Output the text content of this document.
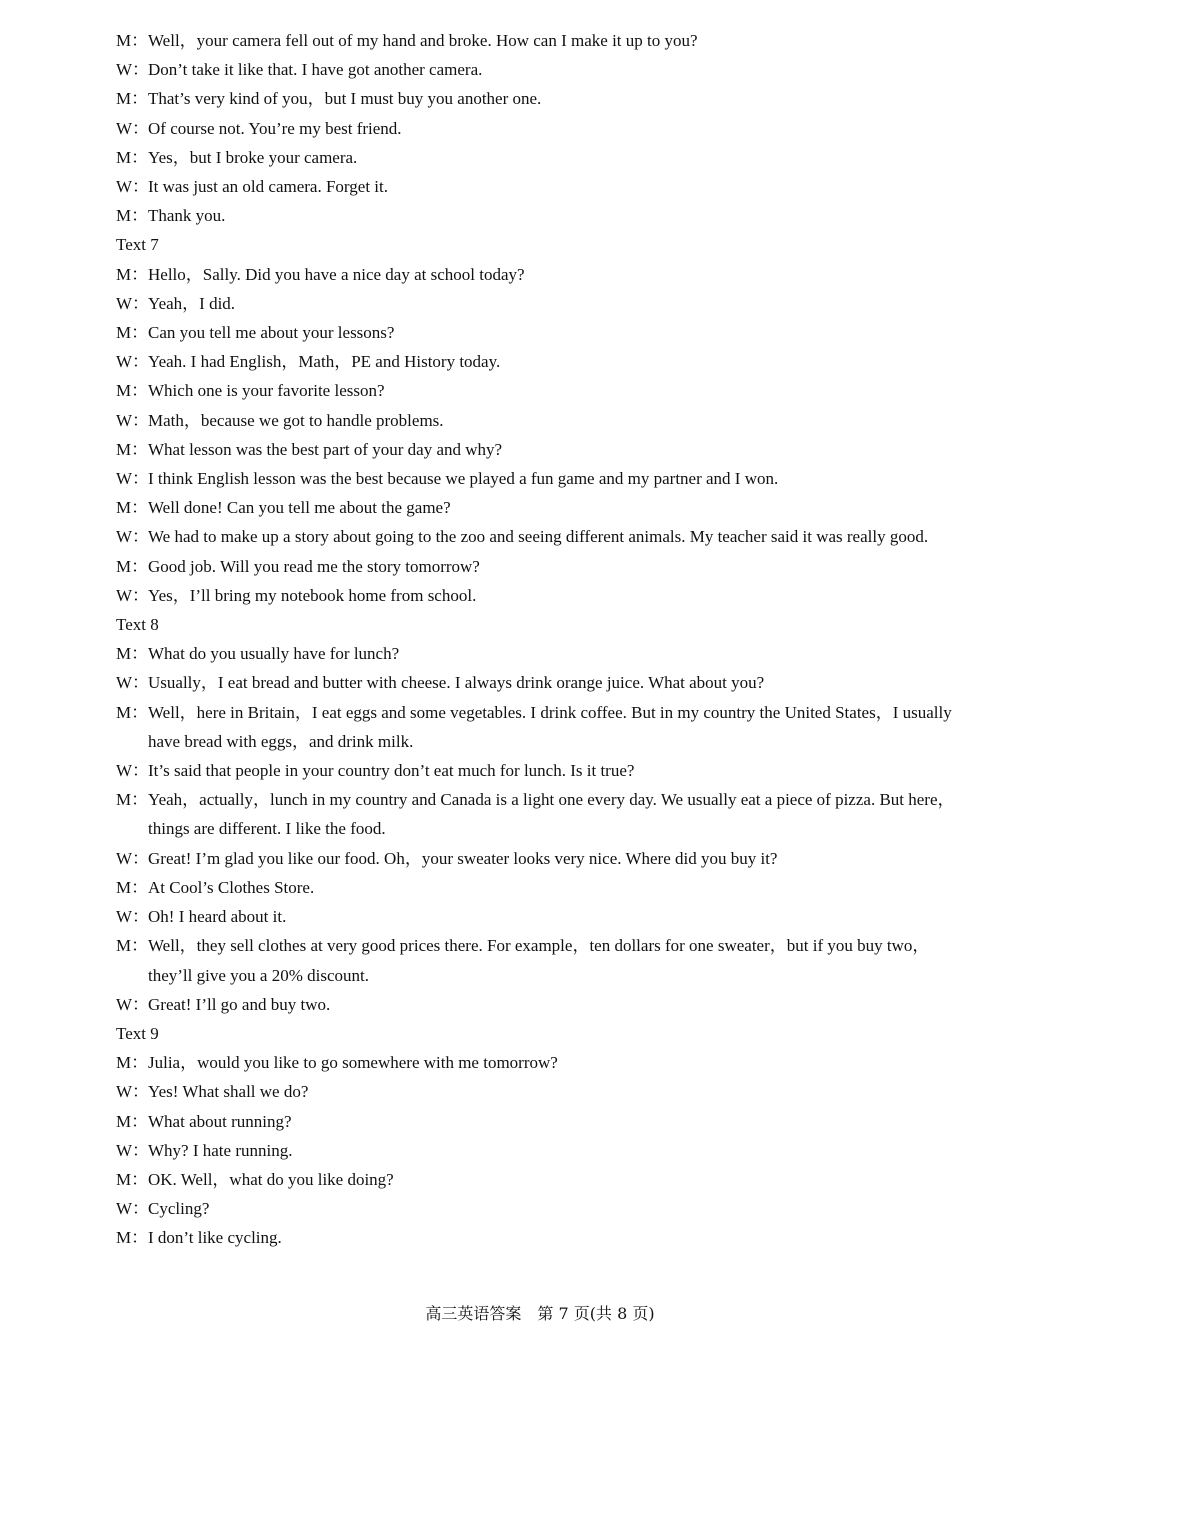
M：Well，your camera fell out of my hand and broke. How can I make it up to you?

W：Don’t take it like that. I have got another camera.

M：That’s very kind of you，but I must buy you another one.

W：Of course not. You’re my best friend.

M：Yes，but I broke your camera.

W：It was just an old camera. Forget it.

M：Thank you.

Text 7

M：Hello，Sally. Did you have a nice day at school today?

W：Yeah，I did.

M：Can you tell me about your lessons?

W：Yeah. I had English，Math，PE and History today.

M：Which one is your favorite lesson?

W：Math，because we got to handle problems.

M：What lesson was the best part of your day and why?

W：I think English lesson was the best because we played a fun game and my partner and I won.

M：Well done! Can you tell me about the game?

W：We had to make up a story about going to the zoo and seeing different animals. My teacher said it was really good.

M：Good job. Will you read me the story tomorrow?

W：Yes，I’ll bring my notebook home from school.

Text 8

M：What do you usually have for lunch?

W：Usually，I eat bread and butter with cheese. I always drink orange juice. What about you?

M：Well，here in Britain，I eat eggs and some vegetables. I drink coffee. But in my country the United States，I usually have bread with eggs，and drink milk.

W：It’s said that people in your country don’t eat much for lunch. Is it true?

M：Yeah，actually，lunch in my country and Canada is a light one every day. We usually eat a piece of pizza. But here，things are different. I like the food.

W：Great! I’m glad you like our food. Oh，your sweater looks very nice. Where did you buy it?

M：At Cool’s Clothes Store.

W：Oh! I heard about it.

M：Well，they sell clothes at very good prices there. For example，ten dollars for one sweater，but if you buy two，they’ll give you a 20% discount.

W：Great! I’ll go and buy two.

Text 9

M：Julia，would you like to go somewhere with me tomorrow?

W：Yes! What shall we do?

M：What about running?

W：Why? I hate running.

M：OK. Well，what do you like doing?

W：Cycling?

M：I don’t like cycling.

高三英语答案　第 7 页(共 8 页)
